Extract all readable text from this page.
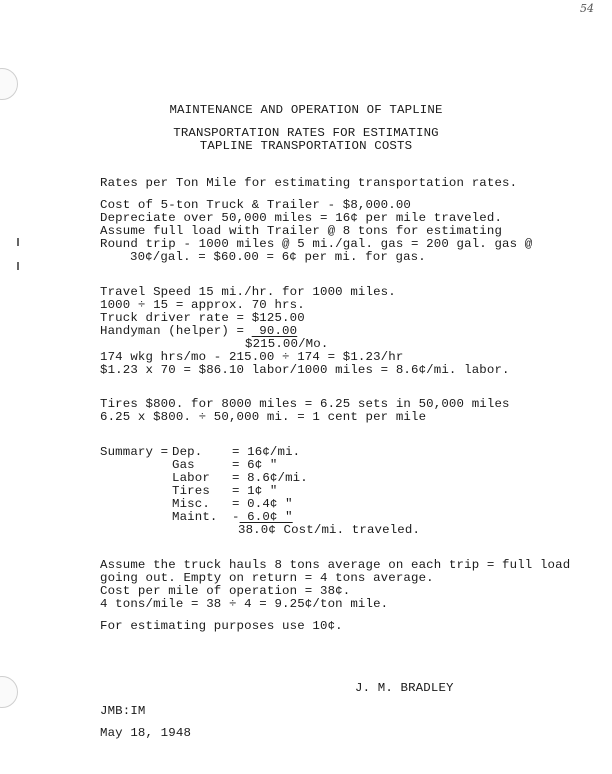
54
MAINTENANCE AND OPERATION OF TAPLINE
TRANSPORTATION RATES FOR ESTIMATING
TAPLINE TRANSPORTATION COSTS
Rates per Ton Mile for estimating transportation rates.
Cost of 5-ton Truck & Trailer - $8,000.00
Depreciate over 50,000 miles = 16¢ per mile traveled.
Assume full load with Trailer @ 8 tons for estimating
Round trip - 1000 miles @ 5 mi./gal. gas = 200 gal. gas @
30¢/gal. = $60.00 = 6¢ per mi. for gas.
Travel Speed 15 mi./hr. for 1000 miles.
1000 ÷ 15 = approx. 70 hrs.
Truck driver rate = $125.00
Handyman (helper) =  90.00
$215.00/Mo.
174 wkg hrs/mo - 215.00 ÷ 174 = $1.23/hr
$1.23 x 70 = $86.10 labor/1000 miles = 8.6¢/mi. labor.
Tires $800. for 8000 miles = 6.25 sets in 50,000 miles
6.25 x $800. ÷ 50,000 mi. = 1 cent per mile
Summary = Dep. = 16¢/mi.
Gas	= 6¢ "
Labor = 8.6¢/mi.
Tires = 1¢ "
Misc. = 0.4¢ "
Maint. - 6.0¢ "
38.0¢ Cost/mi. traveled.
Assume the truck hauls 8 tons average on each trip = full load
going out. Empty on return = 4 tons average.
Cost per mile of operation = 38¢.
4 tons/mile = 38 ÷ 4 = 9.25¢/ton mile.
For estimating purposes use 10¢.
J. M. BRADLEY
JMB:IM
May 18, 1948
